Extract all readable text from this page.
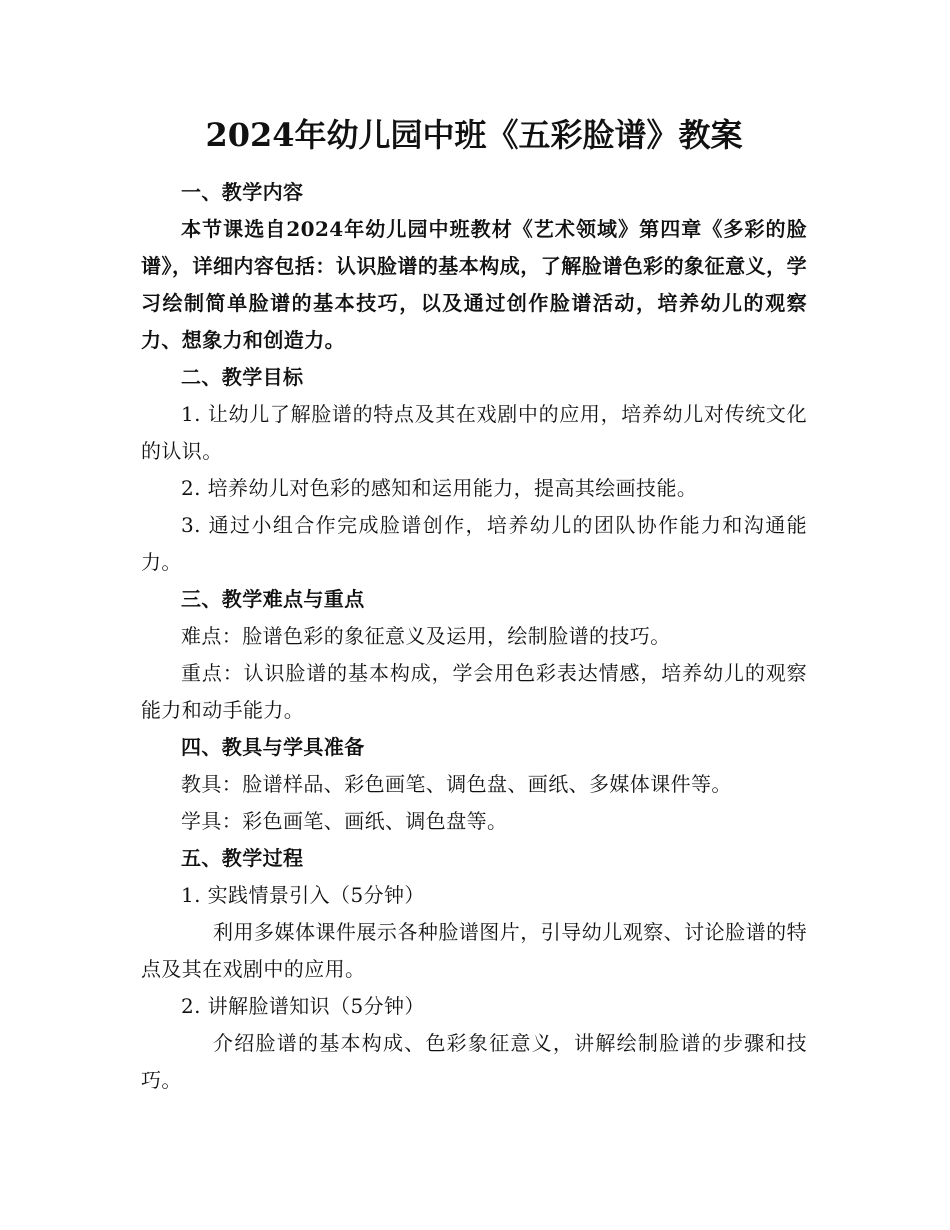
2024年幼儿园中班《五彩脸谱》教案

一、教学内容

本节课选自2024年幼儿园中班教材《艺术领域》第四章《多彩的脸谱》，详细内容包括：认识脸谱的基本构成，了解脸谱色彩的象征意义，学习绘制简单脸谱的基本技巧，以及通过创作脸谱活动，培养幼儿的观察力、想象力和创造力。

二、教学目标

1. 让幼儿了解脸谱的特点及其在戏剧中的应用，培养幼儿对传统文化的认识。

2. 培养幼儿对色彩的感知和运用能力，提高其绘画技能。

3. 通过小组合作完成脸谱创作，培养幼儿的团队协作能力和沟通能力。

三、教学难点与重点

难点：脸谱色彩的象征意义及运用，绘制脸谱的技巧。

重点：认识脸谱的基本构成，学会用色彩表达情感，培养幼儿的观察能力和动手能力。

四、教具与学具准备

教具：脸谱样品、彩色画笔、调色盘、画纸、多媒体课件等。

学具：彩色画笔、画纸、调色盘等。

五、教学过程

1. 实践情景引入（5分钟）

利用多媒体课件展示各种脸谱图片，引导幼儿观察、讨论脸谱的特点及其在戏剧中的应用。

2. 讲解脸谱知识（5分钟）

介绍脸谱的基本构成、色彩象征意义，讲解绘制脸谱的步骤和技巧。
